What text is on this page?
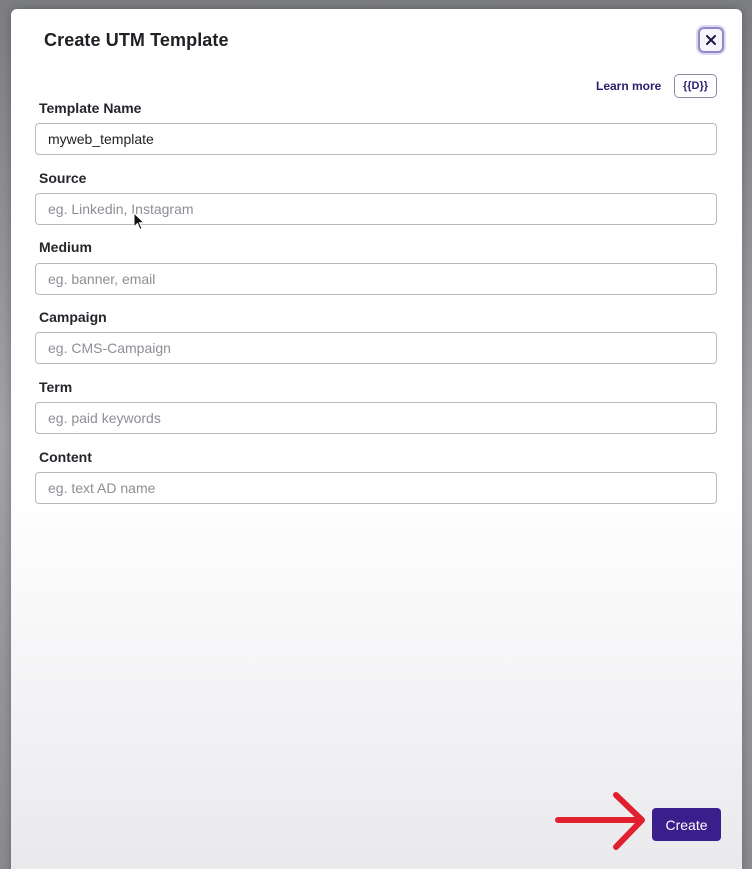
Create UTM Template
Learn more	{{D}}
Template Name
myweb_template
Source
eg. Linkedin, Instagram
Medium
eg. banner, email
Campaign
eg. CMS-Campaign
Term
eg. paid keywords
Content
eg. text AD name
Create
